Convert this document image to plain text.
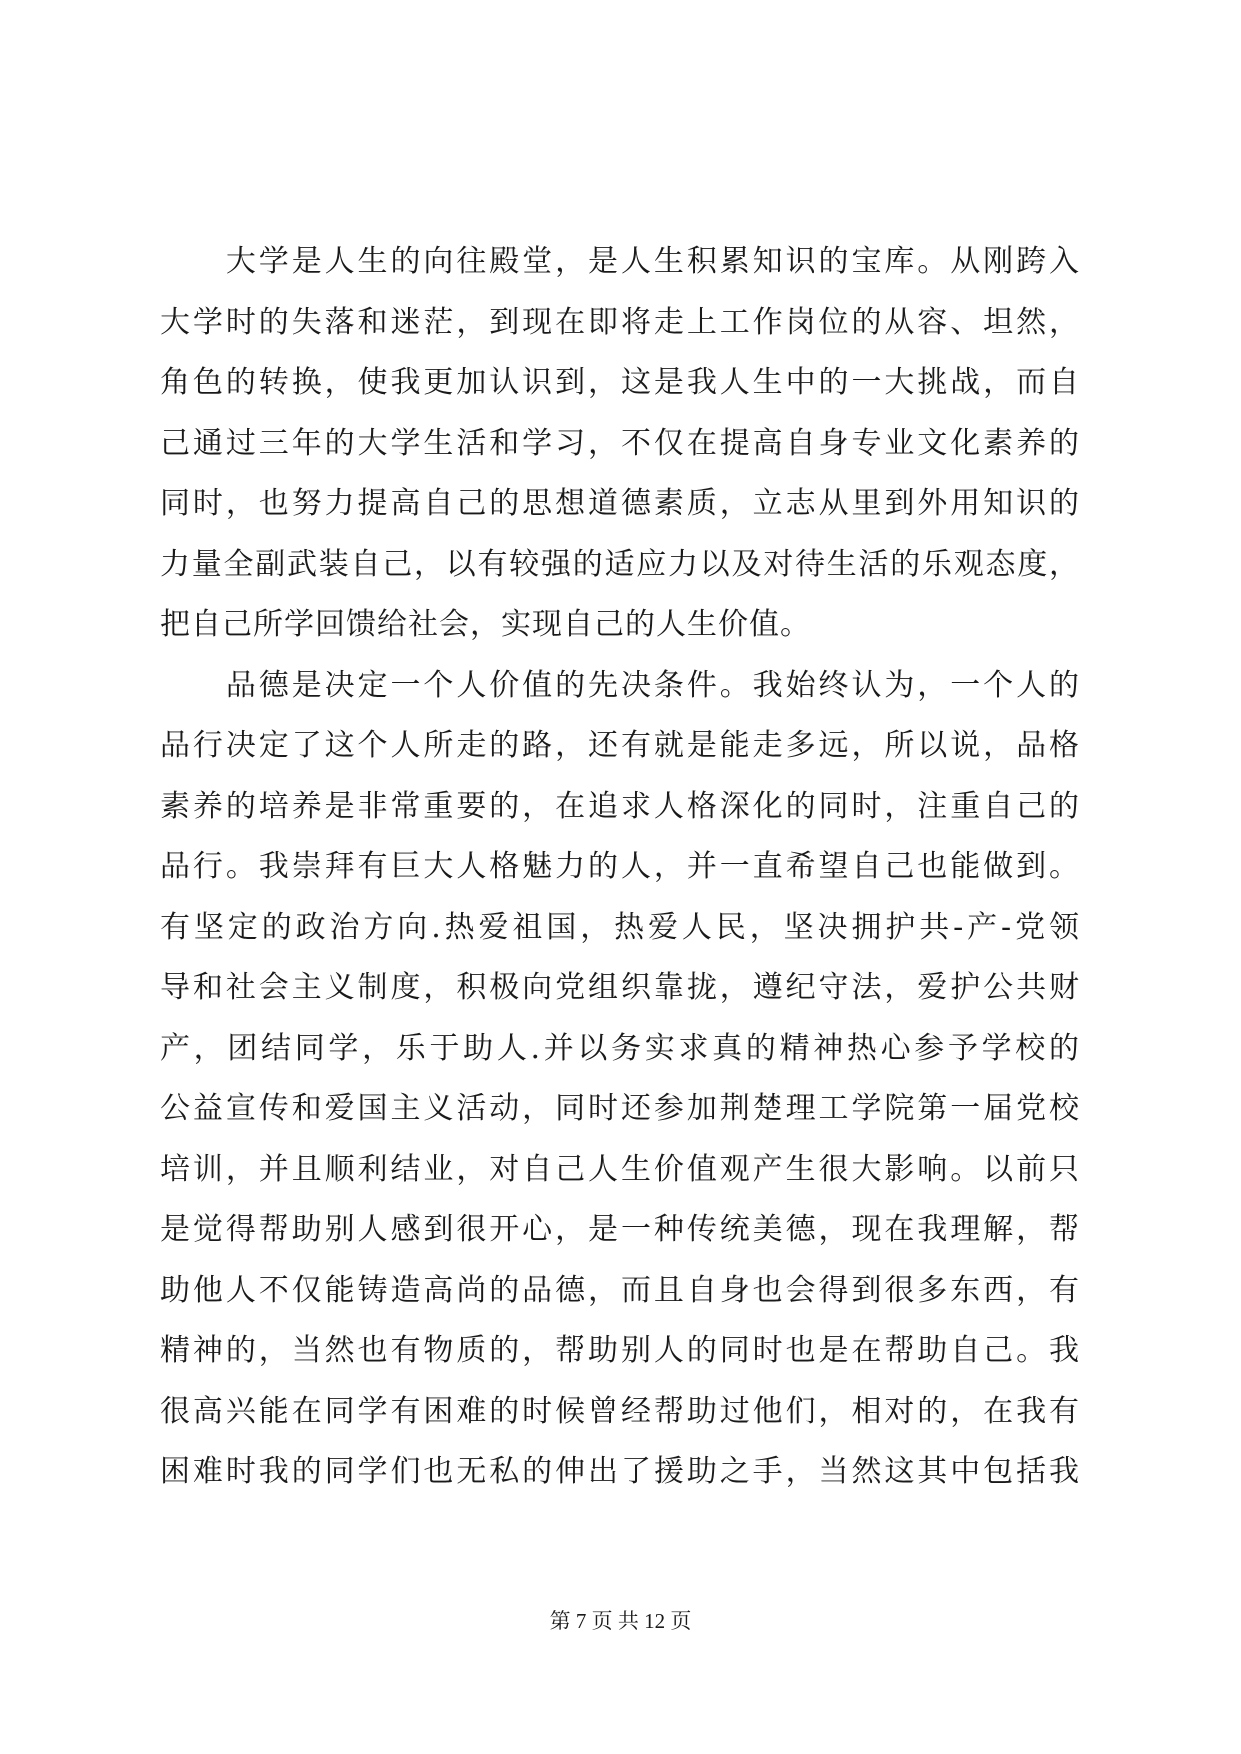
　　大学是人生的向往殿堂，是人生积累知识的宝库。从刚跨入
大学时的失落和迷茫，到现在即将走上工作岗位的从容、坦然，
角色的转换，使我更加认识到，这是我人生中的一大挑战，而自
己通过三年的大学生活和学习，不仅在提高自身专业文化素养的
同时，也努力提高自己的思想道德素质，立志从里到外用知识的
力量全副武装自己，以有较强的适应力以及对待生活的乐观态度，
把自己所学回馈给社会，实现自己的人生价值。
　　品德是决定一个人价值的先决条件。我始终认为，一个人的
品行决定了这个人所走的路，还有就是能走多远，所以说，品格
素养的培养是非常重要的，在追求人格深化的同时，注重自己的
品行。我崇拜有巨大人格魅力的人，并一直希望自己也能做到。
有坚定的政治方向.热爱祖国，热爱人民，坚决拥护共-产-党领
导和社会主义制度，积极向党组织靠拢，遵纪守法，爱护公共财
产，团结同学，乐于助人.并以务实求真的精神热心参予学校的
公益宣传和爱国主义活动，同时还参加荆楚理工学院第一届党校
培训，并且顺利结业，对自己人生价值观产生很大影响。以前只
是觉得帮助别人感到很开心，是一种传统美德，现在我理解，帮
助他人不仅能铸造高尚的品德，而且自身也会得到很多东西，有
精神的，当然也有物质的，帮助别人的同时也是在帮助自己。我
很高兴能在同学有困难的时候曾经帮助过他们，相对的，在我有
困难时我的同学们也无私的伸出了援助之手，当然这其中包括我
第 7 页 共 12 页
